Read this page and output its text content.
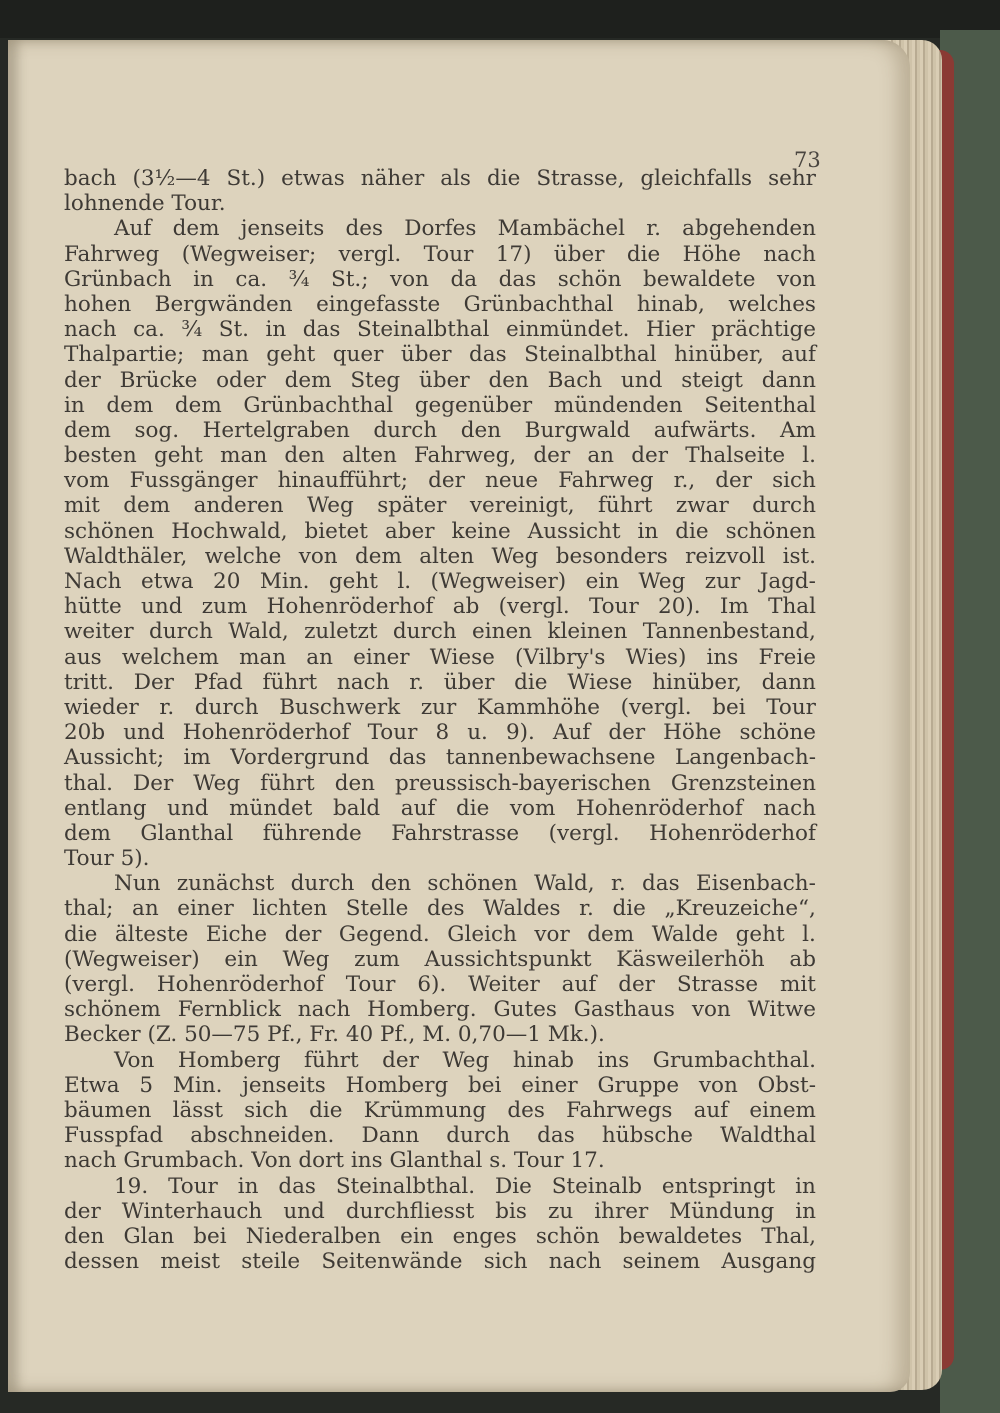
73
bach (3½—4 St.) etwas näher als die Strasse, gleichfalls sehr
lohnende Tour.
Auf dem jenseits des Dorfes Mambächel r. abgehenden
Fahrweg (Wegweiser; vergl. Tour 17) über die Höhe nach
Grünbach in ca. ¾ St.; von da das schön bewaldete von
hohen Bergwänden eingefasste Grünbachthal hinab, welches
nach ca. ¾ St. in das Steinalbthal einmündet. Hier prächtige
Thalpartie; man geht quer über das Steinalbthal hinüber, auf
der Brücke oder dem Steg über den Bach und steigt dann
in dem dem Grünbachthal gegenüber mündenden Seitenthal
dem sog. Hertelgraben durch den Burgwald aufwärts. Am
besten geht man den alten Fahrweg, der an der Thalseite l.
vom Fussgänger hinaufführt; der neue Fahrweg r., der sich
mit dem anderen Weg später vereinigt, führt zwar durch
schönen Hochwald, bietet aber keine Aussicht in die schönen
Waldthäler, welche von dem alten Weg besonders reizvoll ist.
Nach etwa 20 Min. geht l. (Wegweiser) ein Weg zur Jagd-
hütte und zum Hohenröderhof ab (vergl. Tour 20). Im Thal
weiter durch Wald, zuletzt durch einen kleinen Tannenbestand,
aus welchem man an einer Wiese (Vilbry's Wies) ins Freie
tritt. Der Pfad führt nach r. über die Wiese hinüber, dann
wieder r. durch Buschwerk zur Kammhöhe (vergl. bei Tour
20b und Hohenröderhof Tour 8 u. 9). Auf der Höhe schöne
Aussicht; im Vordergrund das tannenbewachsene Langenbach-
thal. Der Weg führt den preussisch-bayerischen Grenzsteinen
entlang und mündet bald auf die vom Hohenröderhof nach
dem Glanthal führende Fahrstrasse (vergl. Hohenröderhof
Tour 5).
Nun zunächst durch den schönen Wald, r. das Eisenbach-
thal; an einer lichten Stelle des Waldes r. die „Kreuzeiche“,
die älteste Eiche der Gegend. Gleich vor dem Walde geht l.
(Wegweiser) ein Weg zum Aussichtspunkt Käsweilerhöh ab
(vergl. Hohenröderhof Tour 6). Weiter auf der Strasse mit
schönem Fernblick nach Homberg. Gutes Gasthaus von Witwe
Becker (Z. 50—75 Pf., Fr. 40 Pf., M. 0,70—1 Mk.).
Von Homberg führt der Weg hinab ins Grumbachthal.
Etwa 5 Min. jenseits Homberg bei einer Gruppe von Obst-
bäumen lässt sich die Krümmung des Fahrwegs auf einem
Fusspfad abschneiden. Dann durch das hübsche Waldthal
nach Grumbach. Von dort ins Glanthal s. Tour 17.
19. Tour in das Steinalbthal. Die Steinalb entspringt in
der Winterhauch und durchfliesst bis zu ihrer Mündung in
den Glan bei Niederalben ein enges schön bewaldetes Thal,
dessen meist steile Seitenwände sich nach seinem Ausgang
